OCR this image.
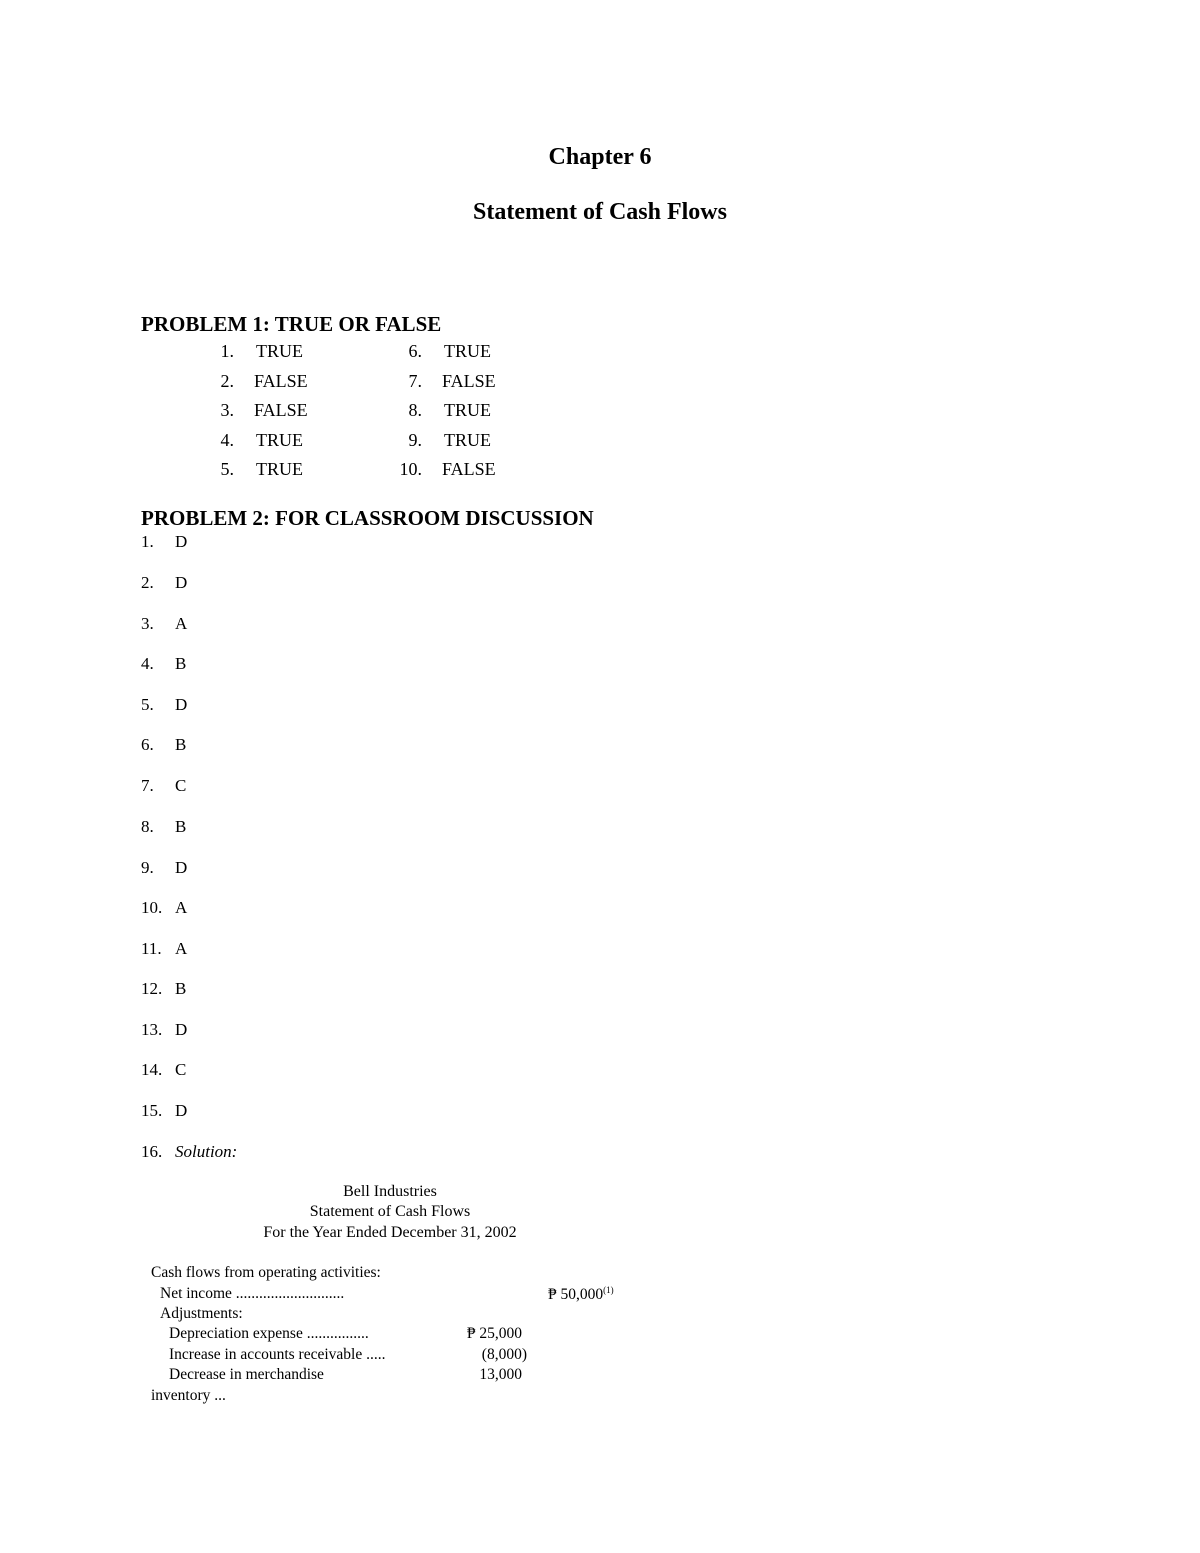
Chapter 6
Statement of Cash Flows
PROBLEM 1: TRUE OR FALSE
1. TRUE
2. FALSE
3. FALSE
4. TRUE
5. TRUE
6. TRUE
7. FALSE
8. TRUE
9. TRUE
10. FALSE
PROBLEM 2: FOR CLASSROOM DISCUSSION
1. D
2. D
3. A
4. B
5. D
6. B
7. C
8. B
9. D
10. A
11. A
12. B
13. D
14. C
15. D
16. Solution:
Bell Industries
Statement of Cash Flows
For the Year Ended December 31, 2002
Cash flows from operating activities:
Net income ............................	₱ 50,000$^{(1)}$
Adjustments:
Depreciation expense ................	₱ 25,000
Increase in accounts receivable .....	(8,000)
Decrease in merchandise	13,000
inventory ...
